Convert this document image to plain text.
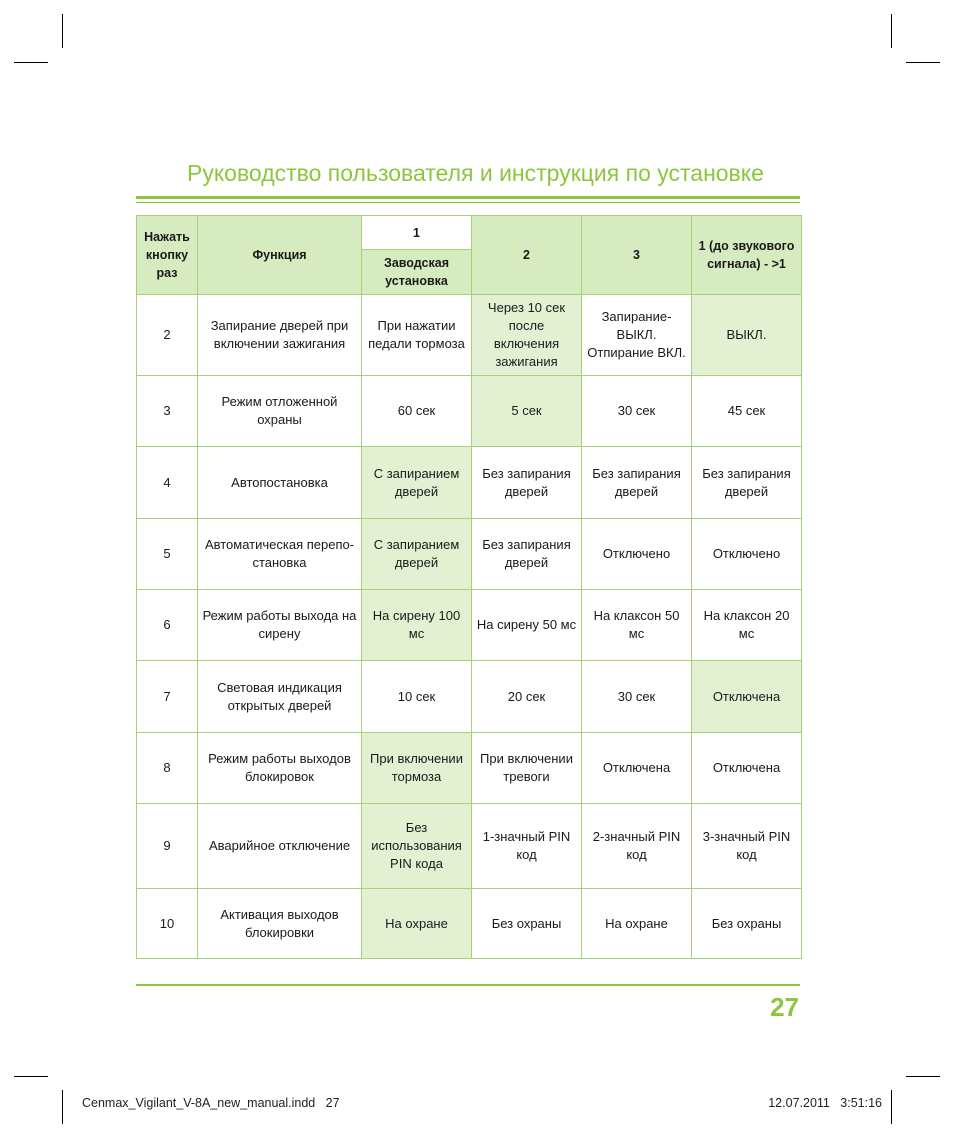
Руководство пользователя и инструкция по установке
Нажать кнопку раз	Функция	1	2	3	1 (до звукового сигнала) - >1
		Заводская установка			
2	Запирание дверей при включении зажигания	При нажатии педали тормоза	Через 10 сек после включения зажигания	Запирание-ВЫКЛ. Отпирание ВКЛ.	ВЫКЛ.
3	Режим отложенной охраны	60 сек	5 сек	30 сек	45 сек
4	Автопостановка	С запиранием дверей	Без запирания дверей	Без запирания дверей	Без запирания дверей
5	Автоматическая перепо-становка	С запиранием дверей	Без запирания дверей	Отключено	Отключено
6	Режим работы выхода на сирену	На сирену 100 мс	На сирену 50 мс	На клаксон 50 мс	На клаксон 20 мс
7	Световая индикация открытых дверей	10 сек	20 сек	30 сек	Отключена
8	Режим работы выходов блокировок	При включении тормоза	При включении тревоги	Отключена	Отключена
9	Аварийное отключение	Без использования PIN кода	1-значный PIN код	2-значный PIN код	3-значный PIN код
10	Активация выходов блокировки	На охране	Без охраны	На охране	Без охраны
27
Cenmax_Vigilant_V-8A_new_manual.indd   27	12.07.2011   3:51:16
